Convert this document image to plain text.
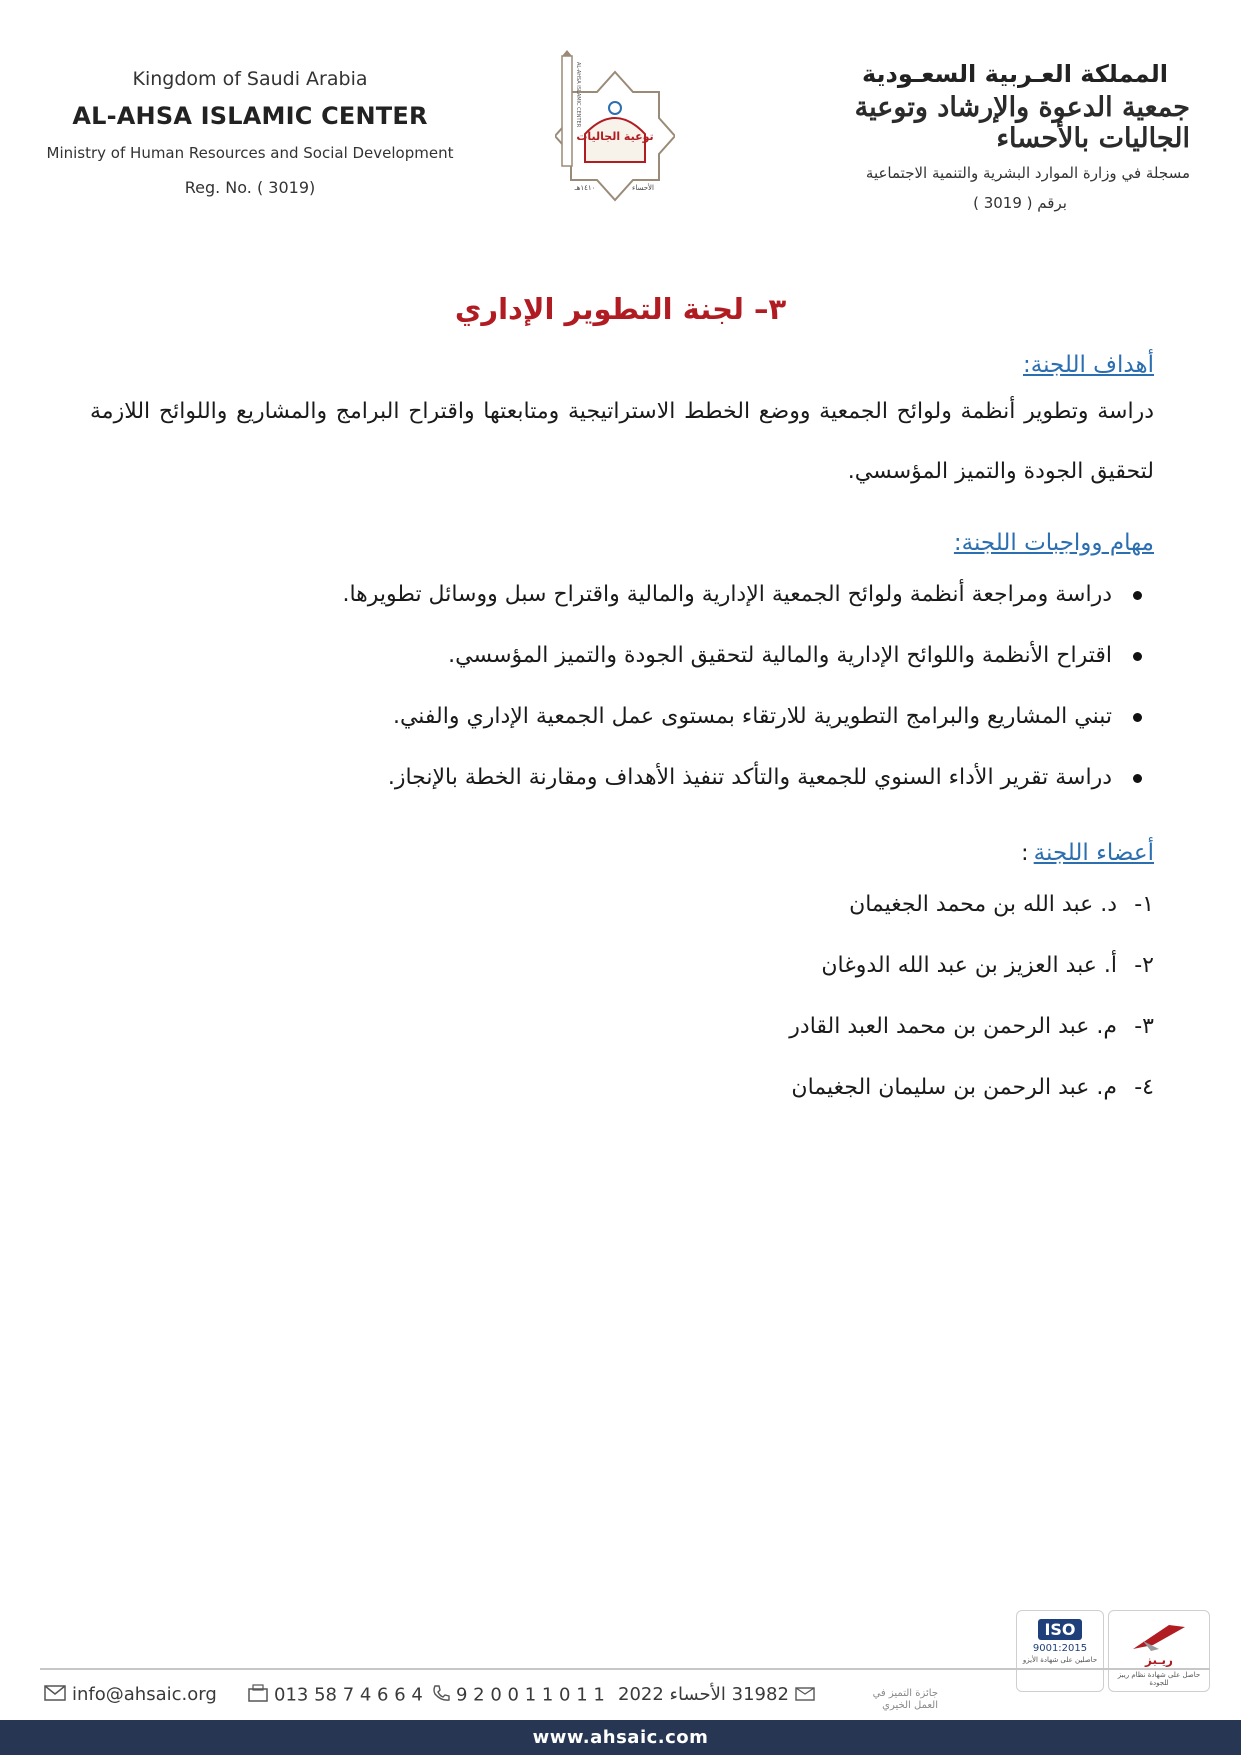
Kingdom of Saudi Arabia
AL-AHSA ISLAMIC CENTER
Ministry of Human Resources and Social Development
Reg. No. ( 3019)
توعية الجاليات
١٤١٠هـ	الأحساء
AL-AHSA ISLAMIC CENTER	المملكة العـربية السعـودية
جمعية الدعوة والإرشاد وتوعية الجاليات بالأحساء
مسجلة في وزارة الموارد البشرية والتنمية الاجتماعية
برقم ( 3019 )
٣– لجنة التطوير الإداري
أهداف اللجنة:
دراسة وتطوير أنظمة ولوائح الجمعية ووضع الخطط الاستراتيجية ومتابعتها واقتراح البرامج والمشاريع واللوائح اللازمة لتحقيق الجودة والتميز المؤسسي.
مهام وواجبات اللجنة:
دراسة ومراجعة أنظمة ولوائح الجمعية الإدارية والمالية واقتراح سبل ووسائل تطويرها.
اقتراح الأنظمة واللوائح الإدارية والمالية لتحقيق الجودة والتميز المؤسسي.
تبني المشاريع والبرامج التطويرية للارتقاء بمستوى عمل الجمعية الإداري والفني.
دراسة تقرير الأداء السنوي للجمعية والتأكد تنفيذ الأهداف ومقارنة الخطة بالإنجاز.
أعضاء اللجنة :
١- د. عبد الله بن محمد الجغيمان
٢- أ. عبد العزيز بن عبد الله الدوغان
٣- م. عبد الرحمن بن محمد العبد القادر
٤- م. عبد الرحمن بن سليمان الجغيمان
جائزة التميز في العمل الخيري
ISO
9001:2015
حاصلين على شهادة الأيزو	ريـبز
حاصل على شهادة نظام ريبز للجودة
info@ahsaic.org	013 58 7 4 6 6 4	9 2 0 0 1 1 0 1 1 31982 الأحساء 2022
www.ahsaic.com
